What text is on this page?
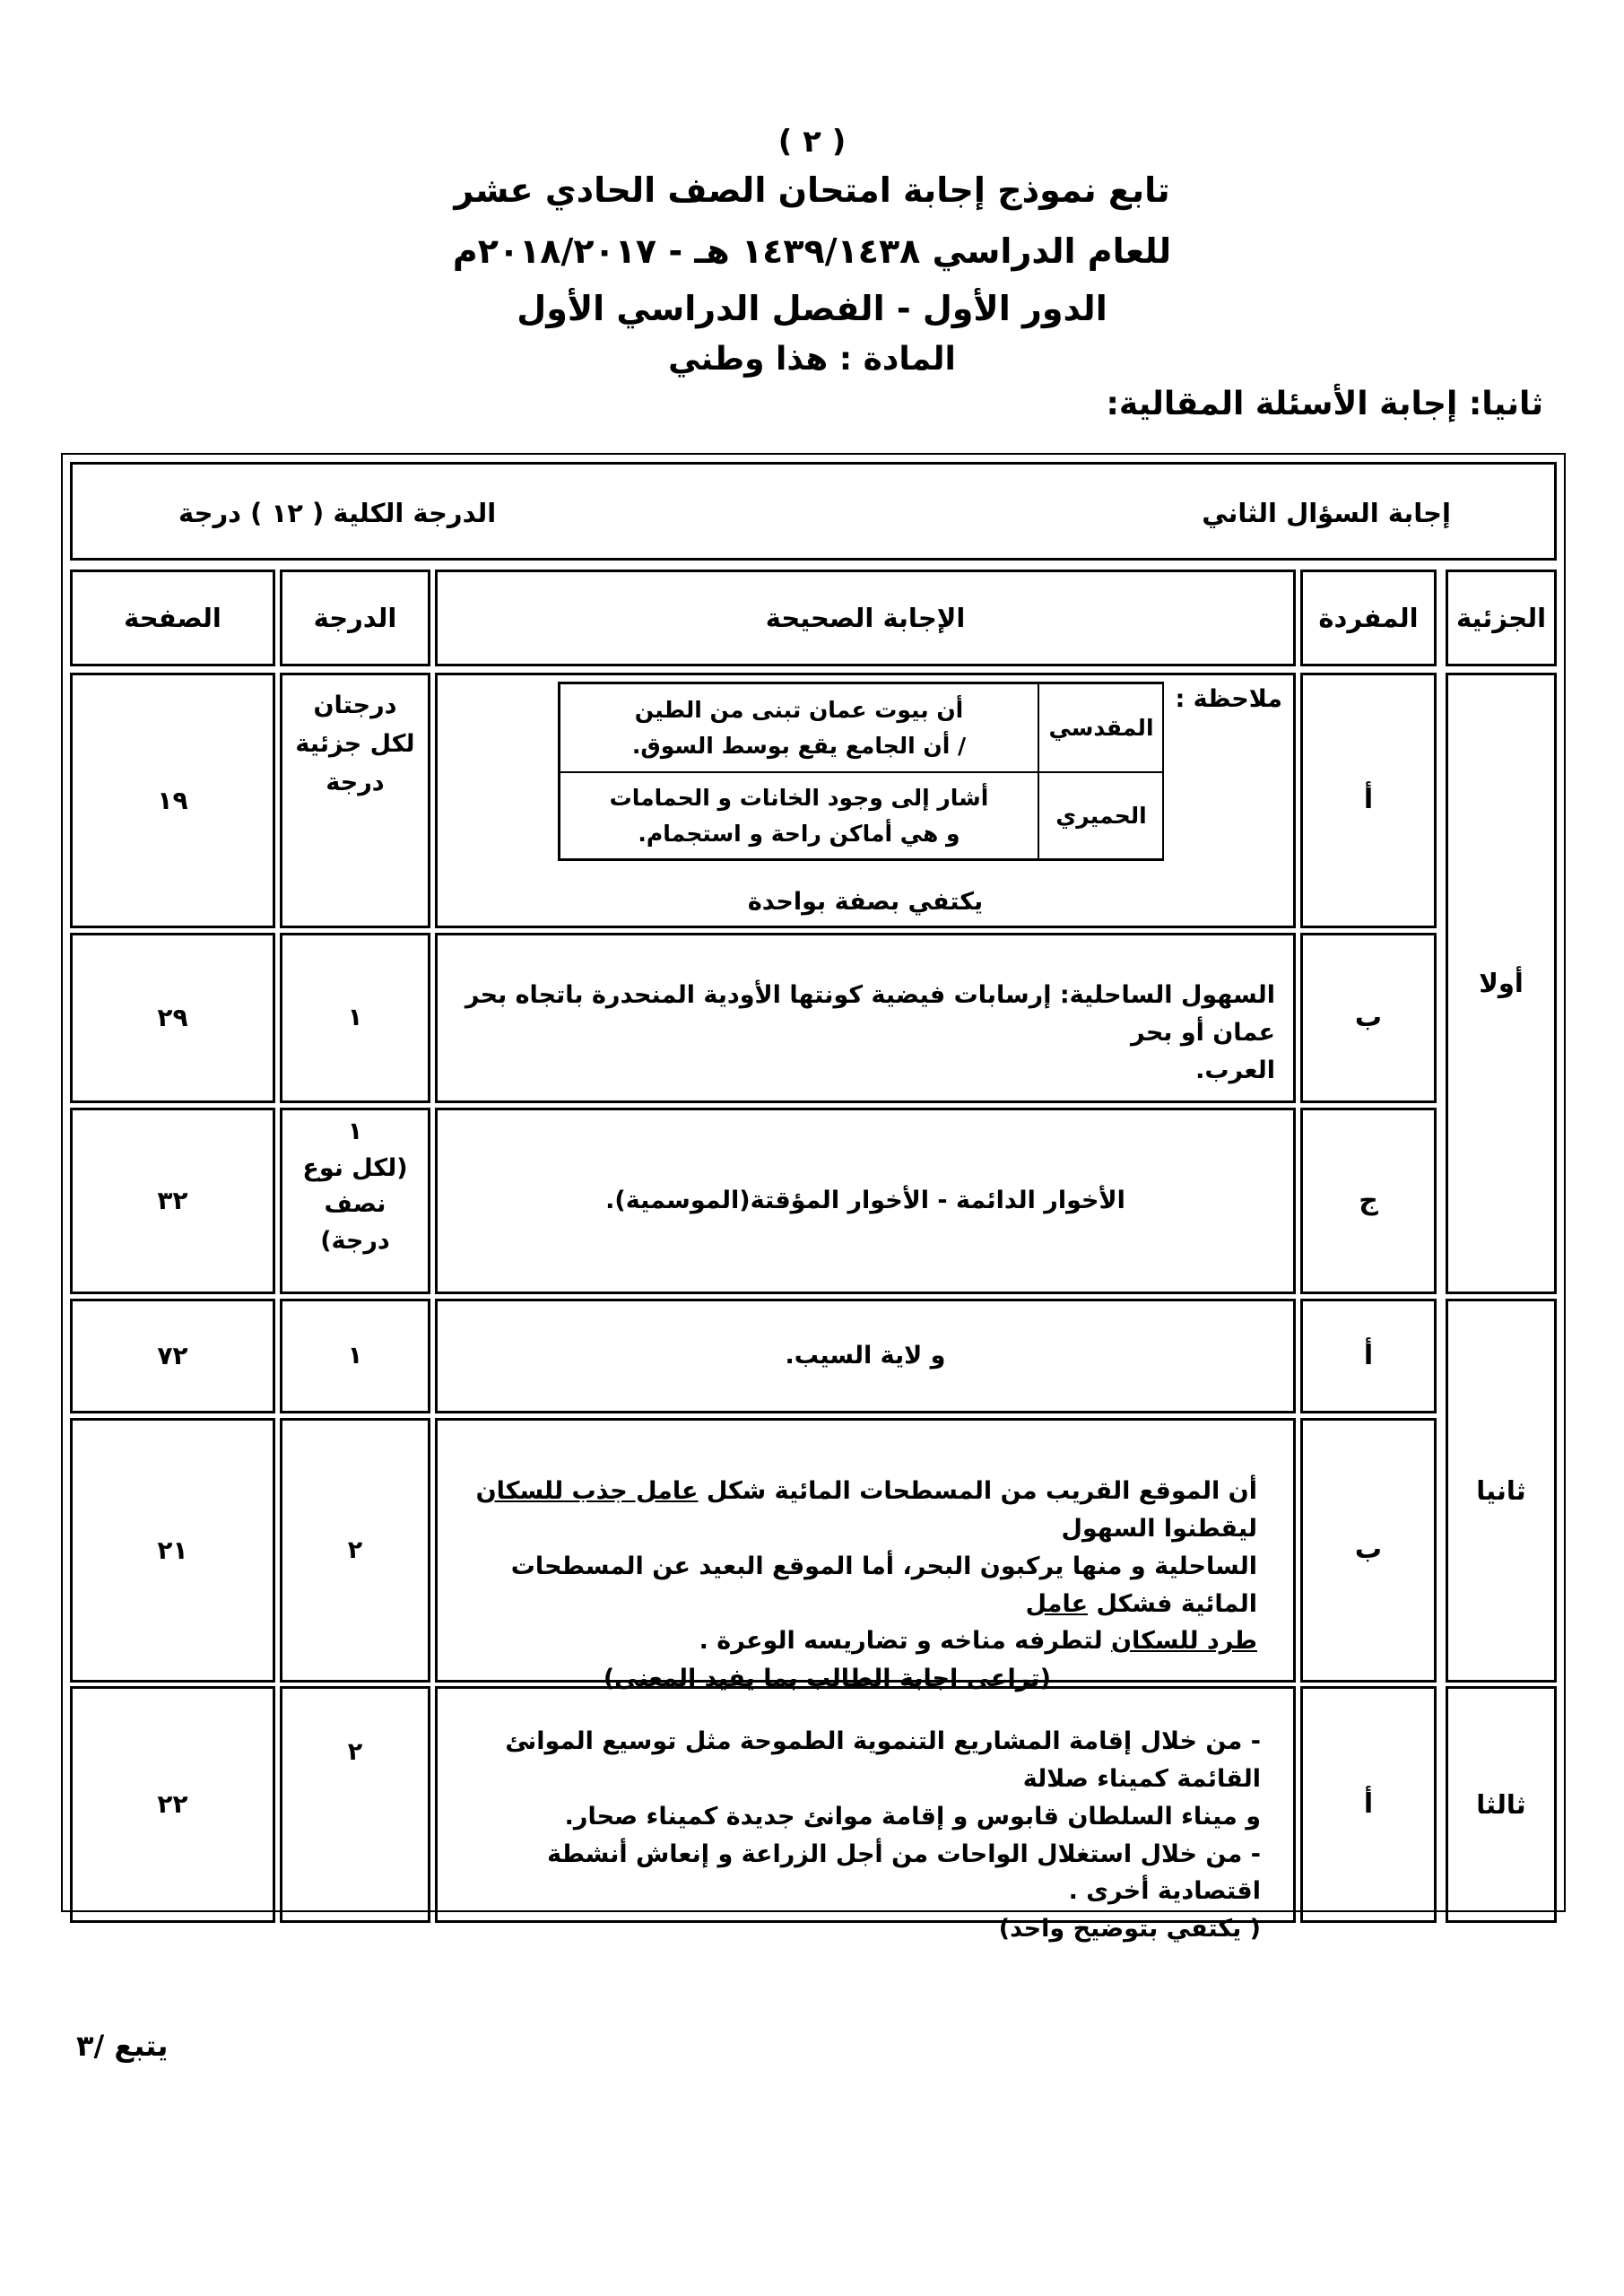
( ٢ )
تابع نموذج إجابة امتحان الصف الحادي عشر
للعام الدراسي ١٤٣٩/١٤٣٨ هـ - ٢٠١٨/٢٠١٧م
الدور الأول - الفصل الدراسي الأول
المادة : هذا وطني
ثانيا: إجابة الأسئلة المقالية:
إجابة السؤال الثاني
الدرجة الكلية ( ١٢ ) درجة
الجزئية
المفردة
الإجابة الصحيحة
الدرجة
الصفحة
أولا
ثانيا
ثالثا
أ
ملاحظة :
يكتفي بصفة بواحدة
المقدسي
أن بيوت عمان تبنى من الطين
/ أن الجامع يقع بوسط السوق.
الحميري
أشار إلى وجود الخانات و الحمامات
و هي أماكن راحة و استجمام.
درجتان
لكل جزئية
درجة
١٩
ب
السهول الساحلية: إرسابات فيضية كونتها الأودية المنحدرة باتجاه بحر عمان أو بحر
العرب.
١
٢٩
ج
الأخوار الدائمة - الأخوار المؤقتة(الموسمية).
١
(لكل نوع
نصف
درجة)
٣٢
أ
و لاية السيب.
١
٧٢
ب
أن الموقع القريب من المسطحات المائية شكل عامل جذب للسكان ليقطنوا السهول
الساحلية و منها يركبون البحر، أما الموقع البعيد عن المسطحات المائية فشكل عامل
طرد للسكان لتطرفه مناخه و تضاريسه الوعرة .
(تراعى اجابة الطالب بما يفيد المعنى)
٢
٢١
أ
- من خلال إقامة المشاريع التنموية الطموحة مثل توسيع الموانئ القائمة كميناء صلالة
و ميناء السلطان قابوس و إقامة موانئ جديدة كميناء صحار.
- من خلال استغلال الواحات من أجل الزراعة و إنعاش أنشطة اقتصادية أخرى .
( يكتفي بتوضيح واحد)
٢
٢٢
يتبع /٣
